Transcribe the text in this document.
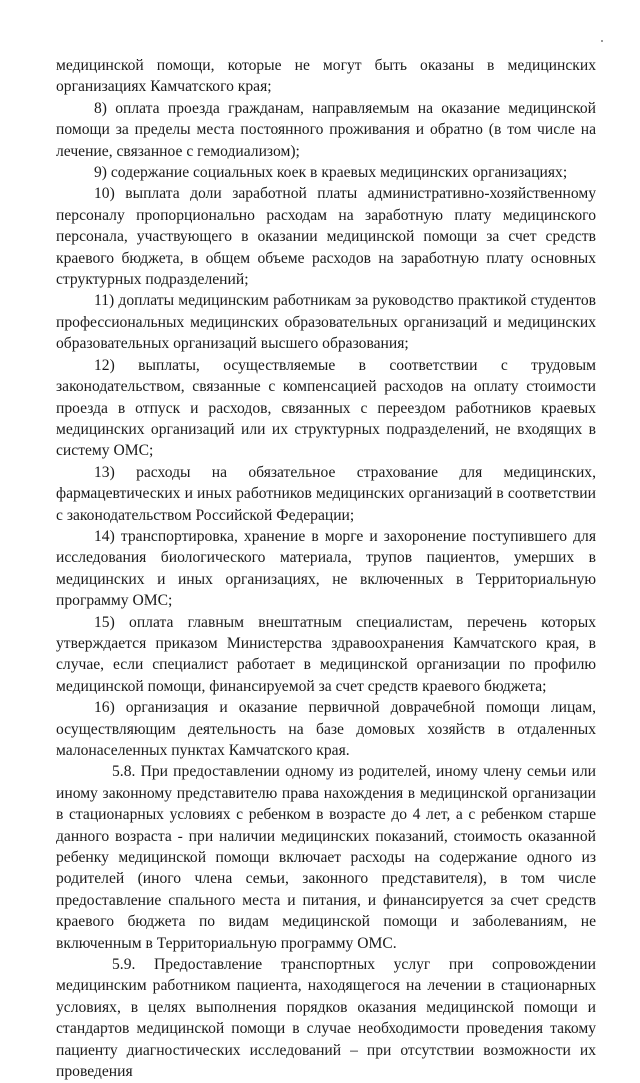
медицинской помощи, которые не могут быть оказаны в медицинских организациях Камчатского края;

8) оплата проезда гражданам, направляемым на оказание медицинской помощи за пределы места постоянного проживания и обратно (в том числе на лечение, связанное с гемодиализом);

9) содержание социальных коек в краевых медицинских организациях;

10) выплата доли заработной платы административно-хозяйственному персоналу пропорционально расходам на заработную плату медицинского персонала, участвующего в оказании медицинской помощи за счет средств краевого бюджета, в общем объеме расходов на заработную плату основных структурных подразделений;

11) доплаты медицинским работникам за руководство практикой студентов профессиональных медицинских образовательных организаций и медицинских образовательных организаций высшего образования;

12) выплаты, осуществляемые в соответствии с трудовым законодательством, связанные с компенсацией расходов на оплату стоимости проезда в отпуск и расходов, связанных с переездом работников краевых медицинских организаций или их структурных подразделений, не входящих в систему ОМС;

13) расходы на обязательное страхование для медицинских, фармацевтических и иных работников медицинских организаций в соответствии с законодательством Российской Федерации;

14) транспортировка, хранение в морге и захоронение поступившего для исследования биологического материала, трупов пациентов, умерших в медицинских и иных организациях, не включенных в Территориальную программу ОМС;

15) оплата главным внештатным специалистам, перечень которых утверждается приказом Министерства здравоохранения Камчатского края, в случае, если специалист работает в медицинской организации по профилю медицинской помощи, финансируемой за счет средств краевого бюджета;

16) организация и оказание первичной доврачебной помощи лицам, осуществляющим деятельность на базе домовых хозяйств в отдаленных малонаселенных пунктах Камчатского края.

5.8. При предоставлении одному из родителей, иному члену семьи или иному законному представителю права нахождения в медицинской организации в стационарных условиях с ребенком в возрасте до 4 лет, а с ребенком старше данного возраста - при наличии медицинских показаний, стоимость оказанной ребенку медицинской помощи включает расходы на содержание одного из родителей (иного члена семьи, законного представителя), в том числе предоставление спального места и питания, и финансируется за счет средств краевого бюджета по видам медицинской помощи и заболеваниям, не включенным в Территориальную программу ОМС.

5.9. Предоставление транспортных услуг при сопровождении медицинским работником пациента, находящегося на лечении в стационарных условиях, в целях выполнения порядков оказания медицинской помощи и стандартов медицинской помощи в случае необходимости проведения такому пациенту диагностических исследований – при отсутствии возможности их проведения
